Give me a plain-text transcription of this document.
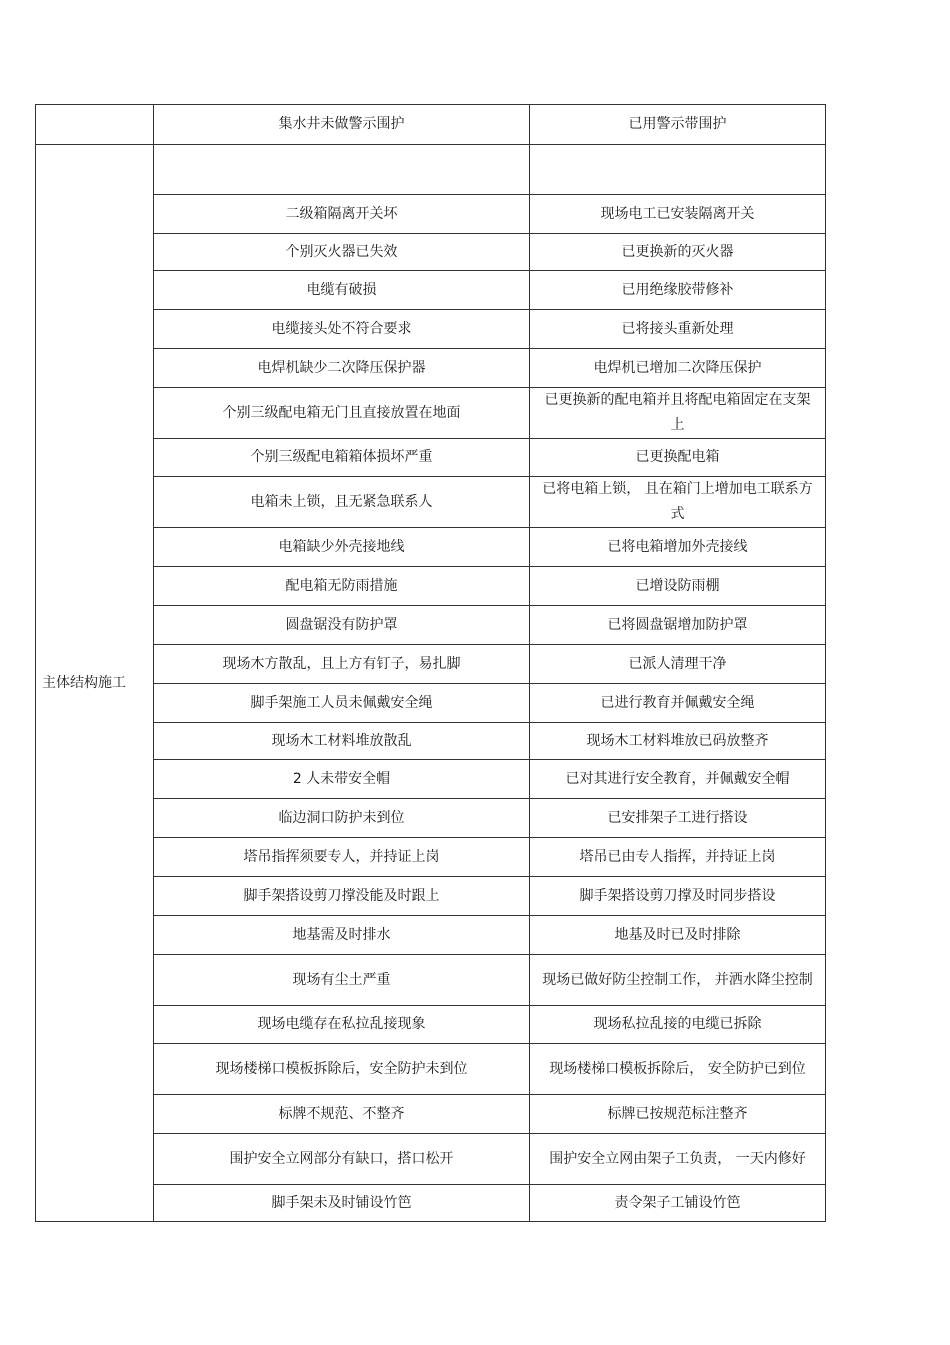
	集水井未做警示围护	已用警示带围护
主体结构施工		
	二级箱隔离开关坏	现场电工已安装隔离开关
	个别灭火器已失效	已更换新的灭火器
	电缆有破损	已用绝缘胶带修补
	电缆接头处不符合要求	已将接头重新处理
	电焊机缺少二次降压保护器	电焊机已增加二次降压保护
	个别三级配电箱无门且直接放置在地面	已更换新的配电箱并且将配电箱固定在支架上
	个别三级配电箱箱体损坏严重	已更换配电箱
	电箱未上锁，且无紧急联系人	已将电箱上锁， 且在箱门上增加电工联系方式
	电箱缺少外壳接地线	已将电箱增加外壳接线
	配电箱无防雨措施	已增设防雨棚
	圆盘锯没有防护罩	已将圆盘锯增加防护罩
	现场木方散乱，且上方有钉子，易扎脚	已派人清理干净
	脚手架施工人员未佩戴安全绳	已进行教育并佩戴安全绳
	现场木工材料堆放散乱	现场木工材料堆放已码放整齐
	2 人未带安全帽	已对其进行安全教育，并佩戴安全帽
	临边洞口防护未到位	已安排架子工进行搭设
	塔吊指挥须要专人，并持证上岗	塔吊已由专人指挥，并持证上岗
	脚手架搭设剪刀撑没能及时跟上	脚手架搭设剪刀撑及时同步搭设
	地基需及时排水	地基及时已及时排除
	现场有尘土严重	现场已做好防尘控制工作， 并洒水降尘控制
	现场电缆存在私拉乱接现象	现场私拉乱接的电缆已拆除
	现场楼梯口模板拆除后，安全防护未到位	现场楼梯口模板拆除后， 安全防护已到位
	标牌不规范、不整齐	标牌已按规范标注整齐
	围护安全立网部分有缺口，搭口松开	围护安全立网由架子工负责， 一天内修好
	脚手架未及时铺设竹笆	责令架子工铺设竹笆
